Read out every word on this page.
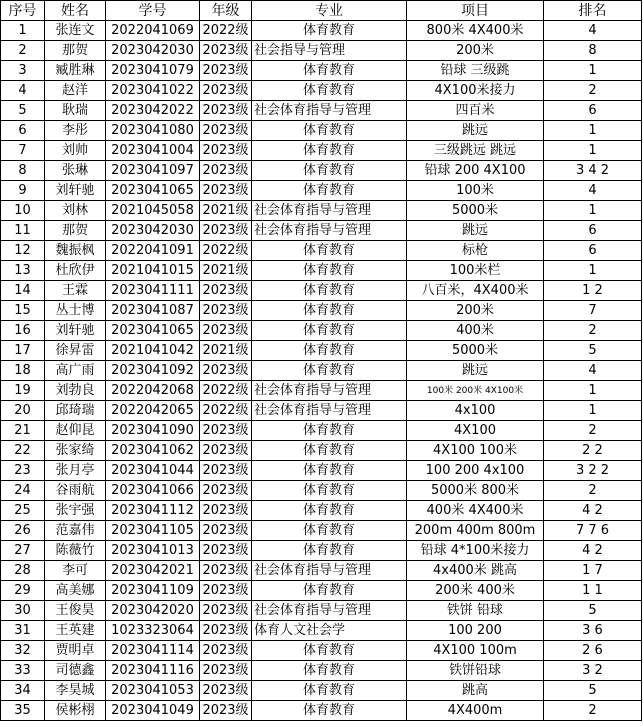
序号	姓名	学号	年级	专业	项目	排名
1	张连文	2022041069	2022级	体育教育	800米 4X400米	4
2	那贺	2023042030	2023级	社会指导与管理	200米	8
3	臧胜琳	2023041079	2023级	体育教育	铅球 三级跳	1
4	赵洋	2023041022	2023级	体育教育	4X100米接力	2
5	耿瑞	2023042022	2023级	社会体育指导与管理	四百米	6
6	李彤	2023041080	2023级	体育教育	跳远	1
7	刘帅	2023041004	2023级	体育教育	三级跳远 跳远	1
8	张琳	2023041097	2023级	体育教育	铅球 200 4X100	3 4 2
9	刘轩驰	2023041065	2023级	体育教育	100米	4
10	刘林	2021045058	2021级	社会体育指导与管理	5000米	1
11	那贺	2023042030	2023级	社会体育指导与管理	跳远	6
12	魏振枫	2022041091	2022级	体育教育	标枪	6
13	杜欣伊	2021041015	2021级	体育教育	100米栏	1
14	王霖	2023041111	2023级	体育教育	八百米，4X400米	1 2
15	丛士博	2023041087	2023级	体育教育	200米	7
16	刘轩驰	2023041065	2023级	体育教育	400米	2
17	徐昇雷	2021041042	2021级	体育教育	5000米	5
18	高广雨	2023041092	2023级	体育教育	跳远	4
19	刘勃良	2022042068	2022级	社会体育指导与管理	100米 200米 4X100米	1
20	邱琦瑞	2022042065	2022级	社会体育指导与管理	4x100	1
21	赵仰昆	2023041090	2023级	体育教育	4X100	2
22	张家绮	2023041062	2023级	体育教育	4X100 100米	2 2
23	张月亭	2023041044	2023级	体育教育	100 200 4x100	3 2 2
24	谷雨航	2023041066	2023级	体育教育	5000米 800米	2
25	张宇强	2023041112	2023级	体育教育	400米 4X400米	4 2
26	范嘉伟	2023041105	2023级	体育教育	200m 400m 800m	7 7 6
27	陈薇竹	2023041013	2023级	体育教育	铅球 4*100米接力	4 2
28	李可	2023042021	2023级	社会体育指导与管理	4x400米 跳高	1 7
29	高美娜	2023041109	2023级	体育教育	200米 400米	1 1
30	王俊昊	2023042020	2023级	社会体育指导与管理	铁饼 铅球	5
31	王英建	1023323064	2023级	体育人文社会学	100 200	3 6
32	贾明卓	2023041114	2023级	体育教育	4X100 100m	2 6
33	司德鑫	2023041116	2023级	体育教育	铁饼铅球	3 2
34	李昊城	2023041053	2023级	体育教育	跳高	5
35	侯彬栩	2023041049	2023级	体育教育	4X400m	2
